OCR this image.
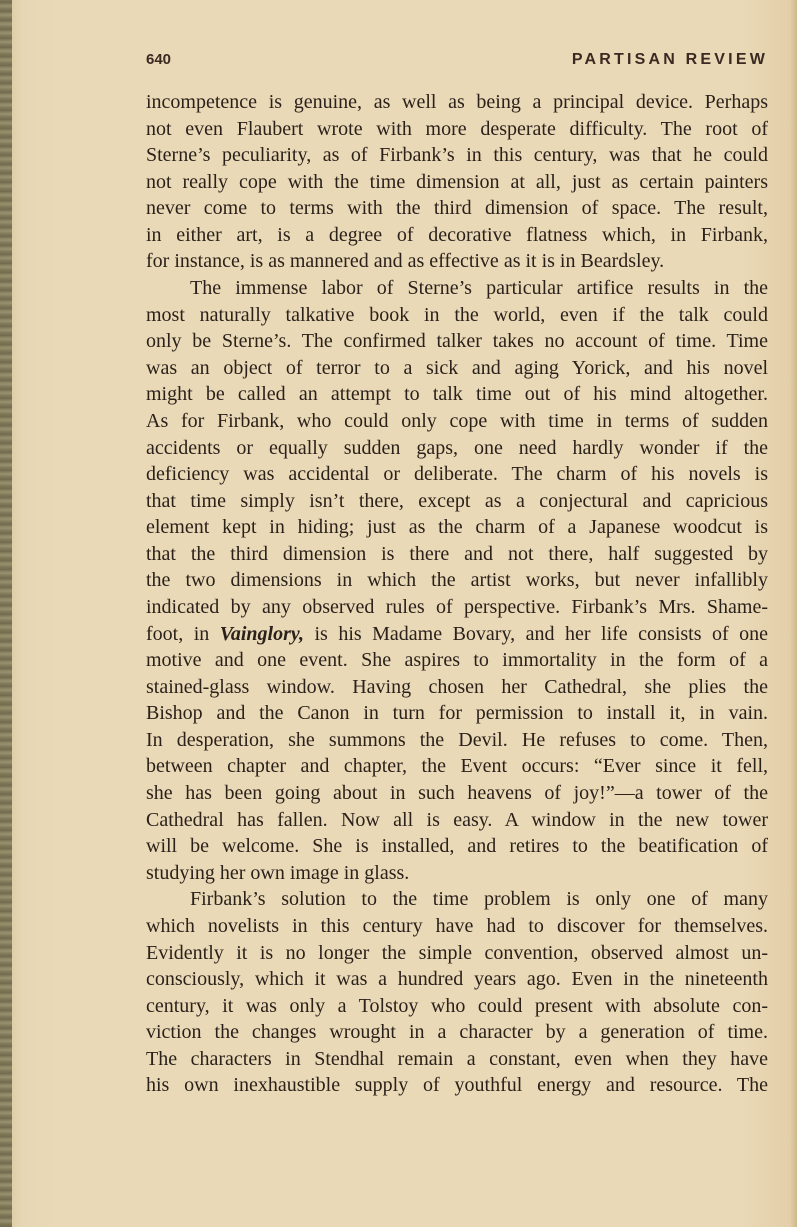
640	PARTISAN REVIEW
incompetence is genuine, as well as being a principal device. Perhaps
not even Flaubert wrote with more desperate difficulty. The root of
Sterne’s peculiarity, as of Firbank’s in this century, was that he could
not really cope with the time dimension at all, just as certain painters
never come to terms with the third dimension of space. The result,
in either art, is a degree of decorative flatness which, in Firbank,
for instance, is as mannered and as effective as it is in Beardsley.
The immense labor of Sterne’s particular artifice results in the
most naturally talkative book in the world, even if the talk could
only be Sterne’s. The confirmed talker takes no account of time. Time
was an object of terror to a sick and aging Yorick, and his novel
might be called an attempt to talk time out of his mind altogether.
As for Firbank, who could only cope with time in terms of sudden
accidents or equally sudden gaps, one need hardly wonder if the
deficiency was accidental or deliberate. The charm of his novels is
that time simply isn’t there, except as a conjectural and capricious
element kept in hiding; just as the charm of a Japanese woodcut is
that the third dimension is there and not there, half suggested by
the two dimensions in which the artist works, but never infallibly
indicated by any observed rules of perspective. Firbank’s Mrs. Shame-
foot, in Vainglory, is his Madame Bovary, and her life consists of one
motive and one event. She aspires to immortality in the form of a
stained-glass window. Having chosen her Cathedral, she plies the
Bishop and the Canon in turn for permission to install it, in vain.
In desperation, she summons the Devil. He refuses to come. Then,
between chapter and chapter, the Event occurs: “Ever since it fell,
she has been going about in such heavens of joy!”—a tower of the
Cathedral has fallen. Now all is easy. A window in the new tower
will be welcome. She is installed, and retires to the beatification of
studying her own image in glass.
Firbank’s solution to the time problem is only one of many
which novelists in this century have had to discover for themselves.
Evidently it is no longer the simple convention, observed almost un-
consciously, which it was a hundred years ago. Even in the nineteenth
century, it was only a Tolstoy who could present with absolute con-
viction the changes wrought in a character by a generation of time.
The characters in Stendhal remain a constant, even when they have
his own inexhaustible supply of youthful energy and resource. The
